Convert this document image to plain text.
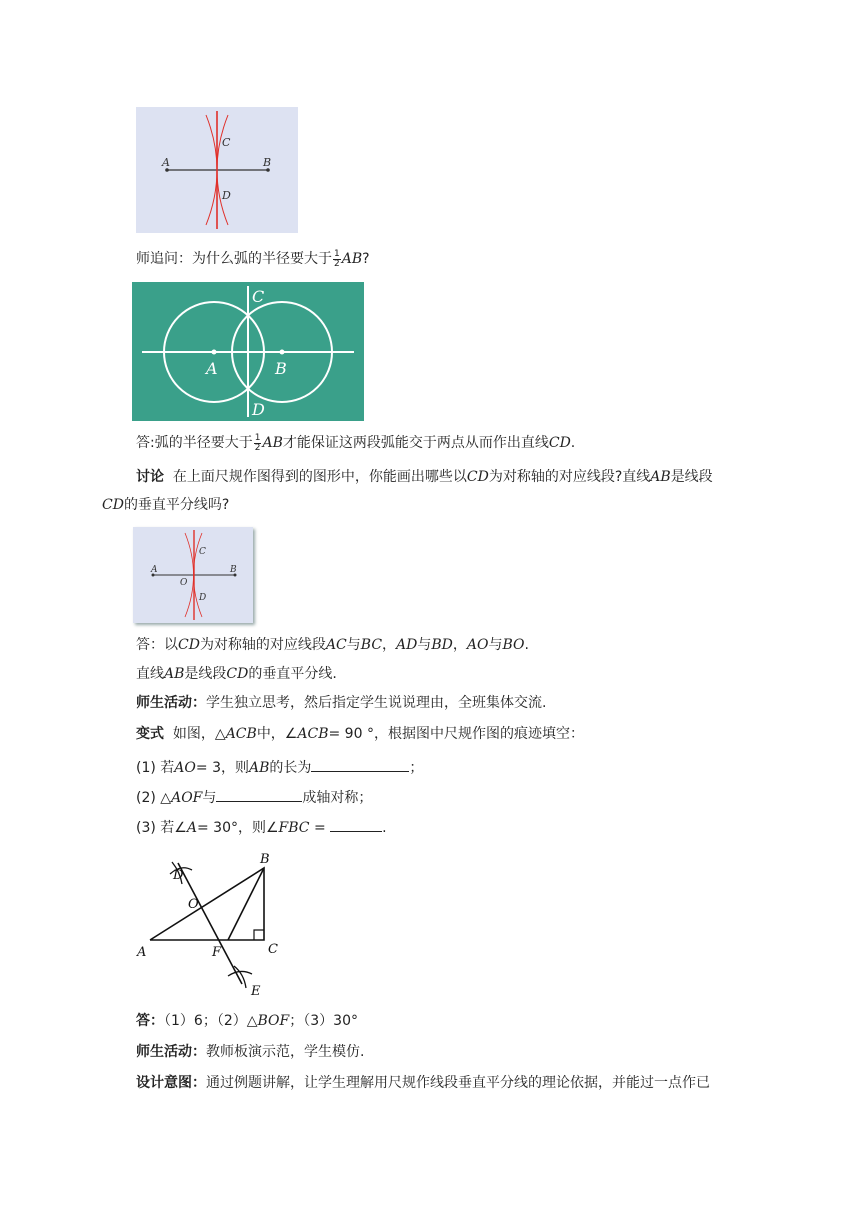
A	B
C
D
师追问：为什么弧的半径要大于 $\frac{1}{2}$ AB?
A	B
C
D
答:弧的半径要大于 $\frac{1}{2}$ AB才能保证这两段弧能交于两点从而作出直线CD.
讨论 在上面尺规作图得到的图形中，你能画出哪些以CD为对称轴的对应线段?直线AB是线段
CD的垂直平分线吗?
A	B
C
D
O
答：以CD为对称轴的对应线段AC与BC，AD与BD，AO与BO.
直线AB是线段CD的垂直平分线.
师生活动：学生独立思考，然后指定学生说说理由，全班集体交流.
变式 如图，△ACB中，∠ACB= 90 °，根据图中尺规作图的痕迹填空：
(1) 若AO= 3，则AB的长为	；
(2) △AOF与	成轴对称；
(3) 若∠A= 30°，则∠FBC =	.
A
B
C
D
E
F
O
答：（1）6；（2）△BOF；（3）30°
师生活动：教师板演示范，学生模仿.
设计意图：通过例题讲解，让学生理解用尺规作线段垂直平分线的理论依据，并能过一点作已
